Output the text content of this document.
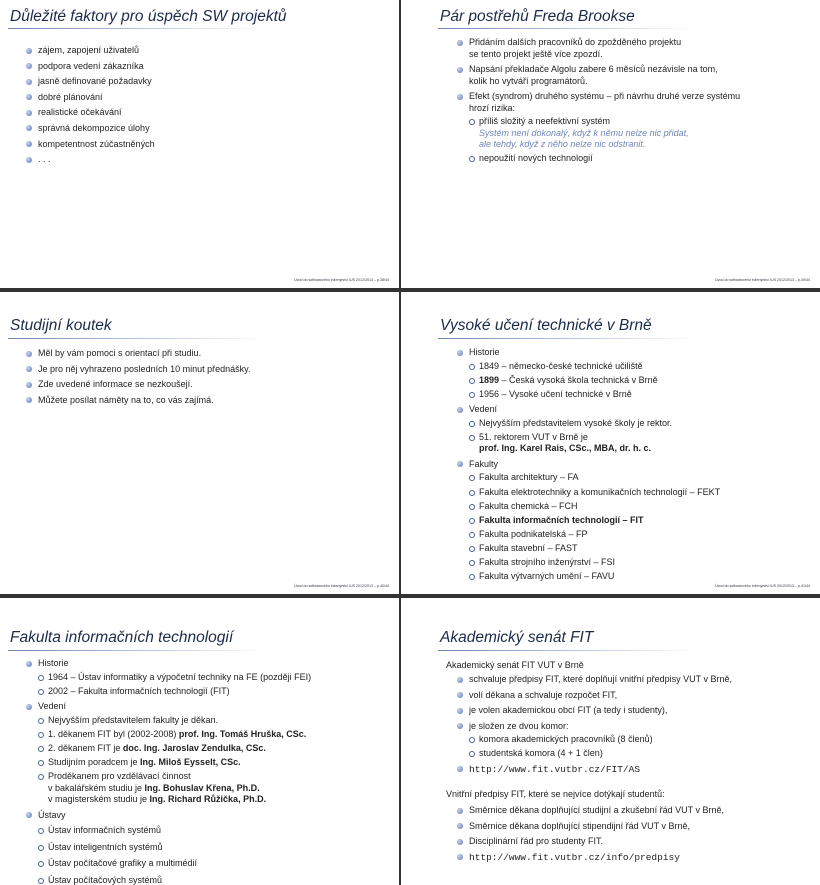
Důležité faktory pro úspěch SW projektů
zájem, zapojení uživatelů
podpora vedení zákazníka
jasně definované požadavky
dobré plánování
realistické očekávání
správná dekompozice úlohy
kompetentnost zúčastněných
. . .
Úvod do softwarového inženýrství IUS 2012/2013 – p.38/44
Pár postřehů Freda Brookse
Přidáním dalších pracovníků do zpožděného projektu
se tento projekt ještě více zpozdí.
Napsání překladače Algolu zabere 6 měsíců nezávisle na tom,
kolik ho vytváří programátorů.
Efekt (syndrom) druhého systému – při návrhu druhé verze systému
hrozí rizika:
příliš složitý a neefektivní systém
Systém není dokonalý, když k němu nelze nic přidat,
ale tehdy, když z něho nelze nic odstranit.
nepoužití nových technologií
Úvod do softwarového inženýrství IUS 2012/2013 – p.39/44
Studijní koutek
Měl by vám pomoci s orientací při studiu.
Je pro něj vyhrazeno posledních 10 minut přednášky.
Zde uvedené informace se nezkoušejí.
Můžete posílat náměty na to, co vás zajímá.
Úvod do softwarového inženýrství IUS 2012/2013 – p.40/44
Vysoké učení technické v Brně
Historie
1849 – německo-české technické učiliště
1899 – Česká vysoká škola technická v Brně
1956 – Vysoké učení technické v Brně
Vedení
Nejvyšším představitelem vysoké školy je rektor.
51. rektorem VUT v Brně je
prof. Ing. Karel Rais, CSc., MBA, dr. h. c.
Fakulty
Fakulta architektury – FA
Fakulta elektrotechniky a komunikačních technologií – FEKT
Fakulta chemická – FCH
Fakulta informačních technologií – FIT
Fakulta podnikatelská – FP
Fakulta stavební – FAST
Fakulta strojního inženýrství – FSI
Fakulta výtvarných umění – FAVU
Úvod do softwarového inženýrství IUS 2012/2013 – p.41/44
Fakulta informačních technologií
Historie
1964 – Ústav informatiky a výpočetní techniky na FE (později FEI)
2002 – Fakulta informačních technologií (FIT)
Vedení
Nejvyšším představitelem fakulty je děkan.
1. děkanem FIT byl (2002-2008) prof. Ing. Tomáš Hruška, CSc.
2. děkanem FIT je doc. Ing. Jaroslav Zendulka, CSc.
Studijním poradcem je Ing. Miloš Eysselt, CSc.
Proděkanem pro vzdělávací činnost
v bakalářském studiu je Ing. Bohuslav Křena, Ph.D.
v magisterském studiu je Ing. Richard Růžička, Ph.D.
Ústavy
Ústav informačních systémů
Ústav inteligentních systémů
Ústav počítačové grafiky a multimédií
Ústav počítačových systémů
Akademický senát FIT
Akademický senát FIT VUT v Brně
schvaluje předpisy FIT, které doplňují vnitřní předpisy VUT v Brně,
volí děkana a schvaluje rozpočet FIT,
je volen akademickou obcí FIT (a tedy i studenty),
je složen ze dvou komor:
komora akademických pracovníků (8 členů)
studentská komora (4 + 1 člen)
http://www.fit.vutbr.cz/FIT/AS
Vnitřní předpisy FIT, které se nejvíce dotýkají studentů:
Směrnice děkana doplňující studijní a zkušební řád VUT v Brně,
Směrnice děkana doplňující stipendijní řád VUT v Brně,
Disciplinární řád pro studenty FIT.
http://www.fit.vutbr.cz/info/predpisy
